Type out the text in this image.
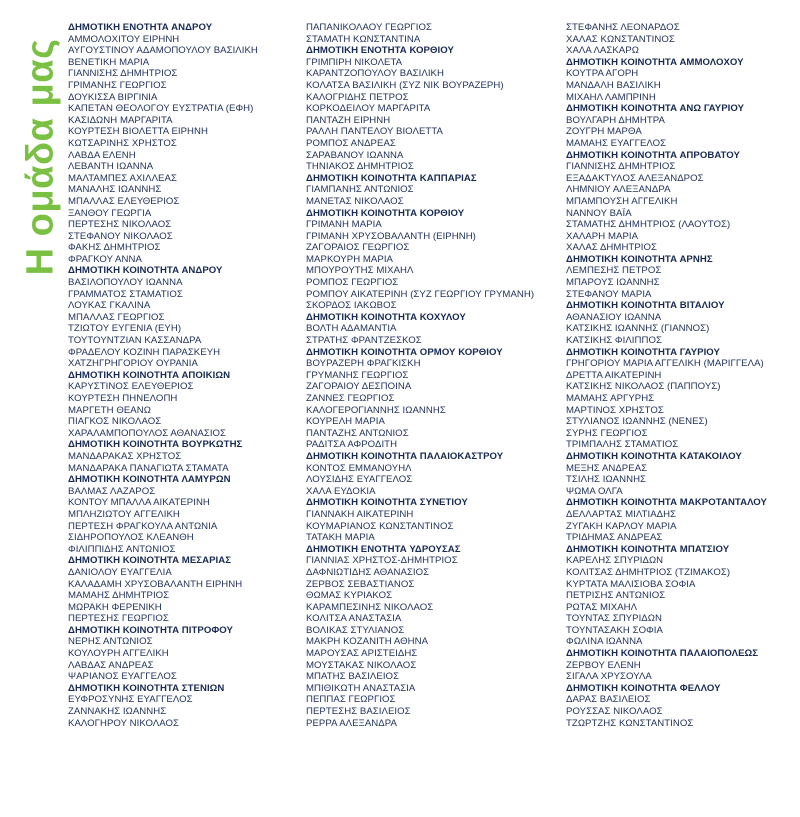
Η ομάδα μας
ΔΗΜΟΤΙΚΗ ΕΝΟΤΗΤΑ ΑΝΔΡΟΥ
ΑΜΜΟΛΟΧΙΤΟΥ ΕΙΡΗΝΗ
ΑΥΓΟΥΣΤΙΝΟΥ ΑΔΑΜΟΠΟΥΛΟΥ ΒΑΣΙΛΙΚΗ
ΒΕΝΕΤΙΚΗ ΜΑΡΙΑ
ΓΙΑΝΝΙΣΗΣ ΔΗΜΗΤΡΙΟΣ
ΓΡΙΜΑΝΗΣ ΓΕΩΡΓΙΟΣ
ΔΟΥΚΙΣΣΑ ΒΙΡΓΙΝΙΑ
ΚΑΠΕΤΑΝ ΘΕΟΛΟΓΟΥ ΕΥΣΤΡΑΤΙΑ (ΕΦΗ)
ΚΑΣΙΔΩΝΗ ΜΑΡΓΑΡΙΤΑ
ΚΟΥΡΤΕΣΗ ΒΙΟΛΕΤΤΑ ΕΙΡΗΝΗ
ΚΩΤΣΑΡΙΝΗΣ ΧΡΗΣΤΟΣ
ΛΑΒΔΑ ΕΛΕΝΗ
ΛΕΒΑΝΤΗ ΙΩΑΝΝΑ
ΜΑΛΤΑΜΠΕΣ ΑΧΙΛΛΕΑΣ
ΜΑΝΑΛΗΣ ΙΩΑΝΝΗΣ
ΜΠΑΛΛΑΣ ΕΛΕΥΘΕΡΙΟΣ
ΞΑΝΘΟΥ ΓΕΩΡΓΙΑ
ΠΕΡΤΕΣΗΣ ΝΙΚΟΛΑΟΣ
ΣΤΕΦΑΝΟΥ ΝΙΚΟΛΑΟΣ
ΦΑΚΗΣ ΔΗΜΗΤΡΙΟΣ
ΦΡΑΓΚΟΥ ΑΝΝΑ
ΔΗΜΟΤΙΚΗ ΚΟΙΝΟΤΗΤΑ ΑΝΔΡΟΥ
ΒΑΣΙΛΟΠΟΥΛΟΥ ΙΩΑΝΝΑ
ΓΡΑΜΜΑΤΟΣ ΣΤΑΜΑΤΙΟΣ
ΛΟΥΚΑΣ ΓΚΑΛΙΝΑ
ΜΠΑΛΛΑΣ ΓΕΩΡΓΙΟΣ
ΤΖΙΩΤΟΥ ΕΥΓΕΝΙΑ (ΕΥΗ)
ΤΟΥΤΟΥΝΤΖΙΑΝ ΚΑΣΣΑΝΔΡΑ
ΦΡΑΔΕΛΟΥ ΚΟΖΙΝΗ ΠΑΡΑΣΚΕΥΗ
ΧΑΤΖΗΓΡΗΓΟΡΙΟΥ ΟΥΡΑΝΙΑ
ΔΗΜΟΤΙΚΗ ΚΟΙΝΟΤΗΤΑ ΑΠΟΙΚΙΩΝ
ΚΑΡΥΣΤΙΝΟΣ ΕΛΕΥΘΕΡΙΟΣ
ΚΟΥΡΤΕΣΗ ΠΗΝΕΛΟΠΗ
ΜΑΡΓΕΤΗ ΘΕΑΝΩ
ΠΙΑΓΚΟΣ ΝΙΚΟΛΑΟΣ
ΧΑΡΑΛΑΜΠΟΠΟΥΛΟΣ ΑΘΑΝΑΣΙΟΣ
ΔΗΜΟΤΙΚΗ ΚΟΙΝΟΤΗΤΑ ΒΟΥΡΚΩΤΗΣ
ΜΑΝΔΑΡΑΚΑΣ ΧΡΗΣΤΟΣ
ΜΑΝΔΑΡΑΚΑ ΠΑΝΑΓΙΩΤΑ ΣΤΑΜΑΤΑ
ΔΗΜΟΤΙΚΗ ΚΟΙΝΟΤΗΤΑ ΛΑΜΥΡΩΝ
ΒΑΛΜΑΣ ΛΑΖΑΡΟΣ
ΚΟΝΤΟΥ ΜΠΑΛΛΑ ΑΙΚΑΤΕΡΙΝΗ
ΜΠΛΗΖΙΩΤΟΥ ΑΓΓΕΛΙΚΗ
ΠΕΡΤΕΣΗ ΦΡΑΓΚΟΥΛΑ ΑΝΤΩΝΙΑ
ΣΙΔΗΡΟΠΟΥΛΟΣ ΚΛΕΑΝΘΗ
ΦΙΛΙΠΠΙΔΗΣ ΑΝΤΩΝΙΟΣ
ΔΗΜΟΤΙΚΗ ΚΟΙΝΟΤΗΤΑ ΜΕΣΑΡΙΑΣ
ΔΑΝΙΟΛΟΥ ΕΥΑΓΓΕΛΙΑ
ΚΑΛΑΔΑΜΗ ΧΡΥΣΟΒΑΛΑΝΤΗ ΕΙΡΗΝΗ
ΜΑΜΑΗΣ ΔΗΜΗΤΡΙΟΣ
ΜΩΡΑΚΗ ΦΕΡΕΝΙΚΗ
ΠΕΡΤΕΣΗΣ ΓΕΩΡΓΙΟΣ
ΔΗΜΟΤΙΚΗ ΚΟΙΝΟΤΗΤΑ ΠΙΤΡΟΦΟΥ
ΝΕΡΗΣ ΑΝΤΩΝΙΟΣ
ΚΟΥΛΟΥΡΗ ΑΓΓΕΛΙΚΗ
ΛΑΒΔΑΣ ΑΝΔΡΕΑΣ
ΨΑΡΙΑΝΟΣ ΕΥΑΓΓΕΛΟΣ
ΔΗΜΟΤΙΚΗ ΚΟΙΝΟΤΗΤΑ ΣΤΕΝΙΩΝ
ΕΥΦΡΟΣΥΝΗΣ ΕΥΑΓΓΕΛΟΣ
ΖΑΝΝΑΚΗΣ ΙΩΑΝΝΗΣ
ΚΑΛΟΓΗΡΟΥ ΝΙΚΟΛΑΟΣ
ΠΑΠΑΝΙΚΟΛΑΟΥ ΓΕΩΡΓΙΟΣ
ΣΤΑΜΑΤΗ ΚΩΝΣΤΑΝΤΙΝΑ
ΔΗΜΟΤΙΚΗ ΕΝΟΤΗΤΑ ΚΟΡΘΙΟΥ
ΓΡΙΜΠΙΡΗ ΝΙΚΟΛΕΤΑ
ΚΑΡΑΝΤΖΟΠΟΥΛΟΥ ΒΑΣΙΛΙΚΗ
ΚΟΛΑΤΣΑ ΒΑΣΙΛΙΚΗ (ΣΥΖ ΝΙΚ ΒΟΥΡΑΖΕΡΗ)
ΚΑΛΟΓΡΙΔΗΣ ΠΕΤΡΟΣ
ΚΟΡΚΟΔΕΙΛΟΥ ΜΑΡΓΑΡΙΤΑ
ΠΑΝΤΑΖΗ ΕΙΡΗΝΗ
ΡΑΛΛΗ ΠΑΝΤΕΛΟΥ ΒΙΟΛΕΤΤΑ
ΡΟΜΠΟΣ ΑΝΔΡΕΑΣ
ΣΑΡΑΒΑΝΟΥ ΙΩΑΝΝΑ
ΤΗΝΙΑΚΟΣ ΔΗΜΗΤΡΙΟΣ
ΔΗΜΟΤΙΚΗ ΚΟΙΝΟΤΗΤΑ ΚΑΠΠΑΡΙΑΣ
ΓΙΑΜΠΑΝΗΣ ΑΝΤΩΝΙΟΣ
ΜΑΝΕΤΑΣ ΝΙΚΟΛΑΟΣ
ΔΗΜΟΤΙΚΗ ΚΟΙΝΟΤΗΤΑ ΚΟΡΘΙΟΥ
ΓΡΙΜΑΝΗ ΜΑΡΙΑ
ΓΡΙΜΑΝΗ ΧΡΥΣΟΒΑΛΑΝΤΗ (ΕΙΡΗΝΗ)
ΖΑΓΟΡΑΙΟΣ ΓΕΩΡΓΙΟΣ
ΜΑΡΚΟΥΡΗ ΜΑΡΙΑ
ΜΠΟΥΡΟΥΤΗΣ ΜΙΧΑΗΛ
ΡΟΜΠΟΣ ΓΕΩΡΓΙΟΣ
ΡΟΜΠΟΥ ΑΙΚΑΤΕΡΙΝΗ (ΣΥΖ ΓΕΩΡΓΙΟΥ ΓΡΥΜΑΝΗ)
ΣΚΟΡΔΟΣ ΙΑΚΩΒΟΣ
ΔΗΜΟΤΙΚΗ ΚΟΙΝΟΤΗΤΑ ΚΟΧΥΛΟΥ
ΒΟΛΤΗ ΑΔΑΜΑΝΤΙΑ
ΣΤΡΑΤΗΣ ΦΡΑΝΤΖΕΣΚΟΣ
ΔΗΜΟΤΙΚΗ ΚΟΙΝΟΤΗΤΑ ΟΡΜΟΥ ΚΟΡΘΙΟΥ
ΒΟΥΡΑΖΕΡΗ ΦΡΑΓΚΙΣΚΗ
ΓΡΥΜΑΝΗΣ ΓΕΩΡΓΙΟΣ
ΖΑΓΟΡΑΙΟΥ ΔΕΣΠΟΙΝΑ
ΖΑΝΝΕΣ ΓΕΩΡΓΙΟΣ
ΚΑΛΟΓΕΡΟΓΙΑΝΝΗΣ ΙΩΑΝΝΗΣ
ΚΟΥΡΕΛΗ ΜΑΡΙΑ
ΠΑΝΤΑΖΗΣ ΑΝΤΩΝΙΟΣ
ΡΑΔΙΤΣΑ ΑΦΡΟΔΙΤΗ
ΔΗΜΟΤΙΚΗ ΚΟΙΝΟΤΗΤΑ ΠΑΛΑΙΟΚΑΣΤΡΟΥ
ΚΟΝΤΟΣ ΕΜΜΑΝΟΥΗΛ
ΛΟΥΣΙΔΗΣ ΕΥΑΓΓΕΛΟΣ
ΧΑΛΑ ΕΥΔΟΚΙΑ
ΔΗΜΟΤΙΚΗ ΚΟΙΝΟΤΗΤΑ ΣΥΝΕΤΙΟΥ
ΓΙΑΝΝΑΚΗ ΑΙΚΑΤΕΡΙΝΗ
ΚΟΥΜΑΡΙΑΝΟΣ ΚΩΝΣΤΑΝΤΙΝΟΣ
ΤΑΤΑΚΗ ΜΑΡΙΑ
ΔΗΜΟΤΙΚΗ ΕΝΟΤΗΤΑ ΥΔΡΟΥΣΑΣ
ΓΙΑΝΝΙΑΣ ΧΡΗΣΤΟΣ-ΔΗΜΗΤΡΙΟΣ
ΔΑΦΝΙΩΤΙΔΗΣ ΑΘΑΝΑΣΙΟΣ
ΖΕΡΒΟΣ ΣΕΒΑΣΤΙΑΝΟΣ
ΘΩΜΑΣ ΚΥΡΙΑΚΟΣ
ΚΑΡΑΜΠΕΣΙΝΗΣ ΝΙΚΟΛΑΟΣ
ΚΟΛΙΤΣΑ ΑΝΑΣΤΑΣΙΑ
ΒΟΛΙΚΑΣ ΣΤΥΛΙΑΝΟΣ
ΜΑΚΡΗ ΚΟΖΑΝΙΤΗ ΑΘΗΝΑ
ΜΑΡΟΥΣΑΣ ΑΡΙΣΤΕΙΔΗΣ
ΜΟΥΣΤΑΚΑΣ ΝΙΚΟΛΑΟΣ
ΜΠΑΤΗΣ ΒΑΣΙΛΕΙΟΣ
ΜΠΙΘΙΚΩΤΗ ΑΝΑΣΤΑΣΙΑ
ΠΕΠΠΑΣ ΓΕΩΡΓΙΟΣ
ΠΕΡΤΕΣΗΣ ΒΑΣΙΛΕΙΟΣ
ΡΕΡΡΑ ΑΛΕΞΑΝΔΡΑ
ΣΤΕΦΑΝΗΣ ΛΕΟΝΑΡΔΟΣ
ΧΑΛΑΣ ΚΩΝΣΤΑΝΤΙΝΟΣ
ΧΑΛΑ ΛΑΣΚΑΡΩ
ΔΗΜΟΤΙΚΗ ΚΟΙΝΟΤΗΤΑ ΑΜΜΟΛΟΧΟΥ
ΚΟΥΤΡΑ ΑΓΟΡΗ
ΜΑΝΔΑΛΗ ΒΑΣΙΛΙΚΗ
ΜΙΧΑΗΛ ΛΑΜΠΡΙΝΗ
ΔΗΜΟΤΙΚΗ ΚΟΙΝΟΤΗΤΑ ΑΝΩ ΓΑΥΡΙΟΥ
ΒΟΥΛΓΑΡΗ ΔΗΜΗΤΡΑ
ΖΟΥΓΡΗ ΜΑΡΘΑ
ΜΑΜΑΗΣ ΕΥΑΓΓΕΛΟΣ
ΔΗΜΟΤΙΚΗ ΚΟΙΝΟΤΗΤΑ ΑΠΡΟΒΑΤΟΥ
ΓΙΑΝΝΙΣΗΣ ΔΗΜΗΤΡΙΟΣ
ΕΞΑΔΑΚΤΥΛΟΣ ΑΛΕΞΑΝΔΡΟΣ
ΛΗΜΝΙΟΥ ΑΛΕΞΑΝΔΡΑ
ΜΠΑΜΠΟΥΣΗ ΑΓΓΕΛΙΚΗ
ΝΑΝΝΟΥ ΒΑΪΑ
ΣΤΑΜΑΤΗΣ ΔΗΜΗΤΡΙΟΣ (ΛΑΟΥΤΟΣ)
ΧΑΛΑΡΗ ΜΑΡΙΑ
ΧΑΛΑΣ ΔΗΜΗΤΡΙΟΣ
ΔΗΜΟΤΙΚΗ ΚΟΙΝΟΤΗΤΑ ΑΡΝΗΣ
ΛΕΜΠΕΣΗΣ ΠΕΤΡΟΣ
ΜΠΑΡΟΥΣ ΙΩΑΝΝΗΣ
ΣΤΕΦΑΝΟΥ ΜΑΡΙΑ
ΔΗΜΟΤΙΚΗ ΚΟΙΝΟΤΗΤΑ ΒΙΤΑΛΙΟΥ
ΑΘΑΝΑΣΙΟΥ ΙΩΑΝΝΑ
ΚΑΤΣΙΚΗΣ ΙΩΑΝΝΗΣ (ΓΙΑΝΝΟΣ)
ΚΑΤΣΙΚΗΣ ΦΙΛΙΠΠΟΣ
ΔΗΜΟΤΙΚΗ ΚΟΙΝΟΤΗΤΑ ΓΑΥΡΙΟΥ
ΓΡΗΓΟΡΙΟΥ ΜΑΡΙΑ ΑΓΓΕΛΙΚΗ (ΜΑΡΙΓΓΕΛΑ)
ΔΡΕΤΤΑ ΑΙΚΑΤΕΡΙΝΗ
ΚΑΤΣΙΚΗΣ ΝΙΚΟΛΑΟΣ (ΠΑΠΠΟΥΣ)
ΜΑΜΑΗΣ ΑΡΓΥΡΗΣ
ΜΑΡΤΙΝΟΣ ΧΡΗΣΤΟΣ
ΣΤΥΛΙΑΝΟΣ ΙΩΑΝΝΗΣ (ΝΕΝΕΣ)
ΣΥΡΗΣ ΓΕΩΡΓΙΟΣ
ΤΡΙΜΠΑΛΗΣ ΣΤΑΜΑΤΙΟΣ
ΔΗΜΟΤΙΚΗ ΚΟΙΝΟΤΗΤΑ ΚΑΤΑΚΟΙΛΟΥ
ΜΕΞΗΣ ΑΝΔΡΕΑΣ
ΤΣΙΛΗΣ ΙΩΑΝΝΗΣ
ΨΩΜΑ ΟΛΓΑ
ΔΗΜΟΤΙΚΗ ΚΟΙΝΟΤΗΤΑ ΜΑΚΡΟΤΑΝΤΑΛΟΥ
ΔΕΛΛΑΡΤΑΣ ΜΙΛΤΙΑΔΗΣ
ΖΥΓΑΚΗ ΚΑΡΛΟΥ ΜΑΡΙΑ
ΤΡΙΔΗΜΑΣ ΑΝΔΡΕΑΣ
ΔΗΜΟΤΙΚΗ ΚΟΙΝΟΤΗΤΑ ΜΠΑΤΣΙΟΥ
ΚΑΡΕΛΗΣ ΣΠΥΡΙΔΩΝ
ΚΟΛΙΤΣΑΣ ΔΗΜΗΤΡΙΟΣ (ΤΖΙΜΑΚΟΣ)
ΚΥΡΤΑΤΑ ΜΑΛΙΣΙΟΒΑ ΣΟΦΙΑ
ΠΕΤΡΙΣΗΣ ΑΝΤΩΝΙΟΣ
ΡΩΤΑΣ ΜΙΧΑΗΛ
ΤΟΥΝΤΑΣ ΣΠΥΡΙΔΩΝ
ΤΟΥΝΤΑΣΑΚΗ ΣΟΦΙΑ
ΦΩΛΙΝΑ ΙΩΑΝΝΑ
ΔΗΜΟΤΙΚΗ ΚΟΙΝΟΤΗΤΑ ΠΑΛΑΙΟΠΟΛΕΩΣ
ΖΕΡΒΟΥ ΕΛΕΝΗ
ΣΙΓΑΛΑ ΧΡΥΣΟΥΛΑ
ΔΗΜΟΤΙΚΗ ΚΟΙΝΟΤΗΤΑ ΦΕΛΛΟΥ
ΔΑΡΑΣ ΒΑΣΙΛΕΙΟΣ
ΡΟΥΣΣΑΣ ΝΙΚΟΛΑΟΣ
ΤΖΩΡΤΖΗΣ ΚΩΝΣΤΑΝΤΙΝΟΣ
